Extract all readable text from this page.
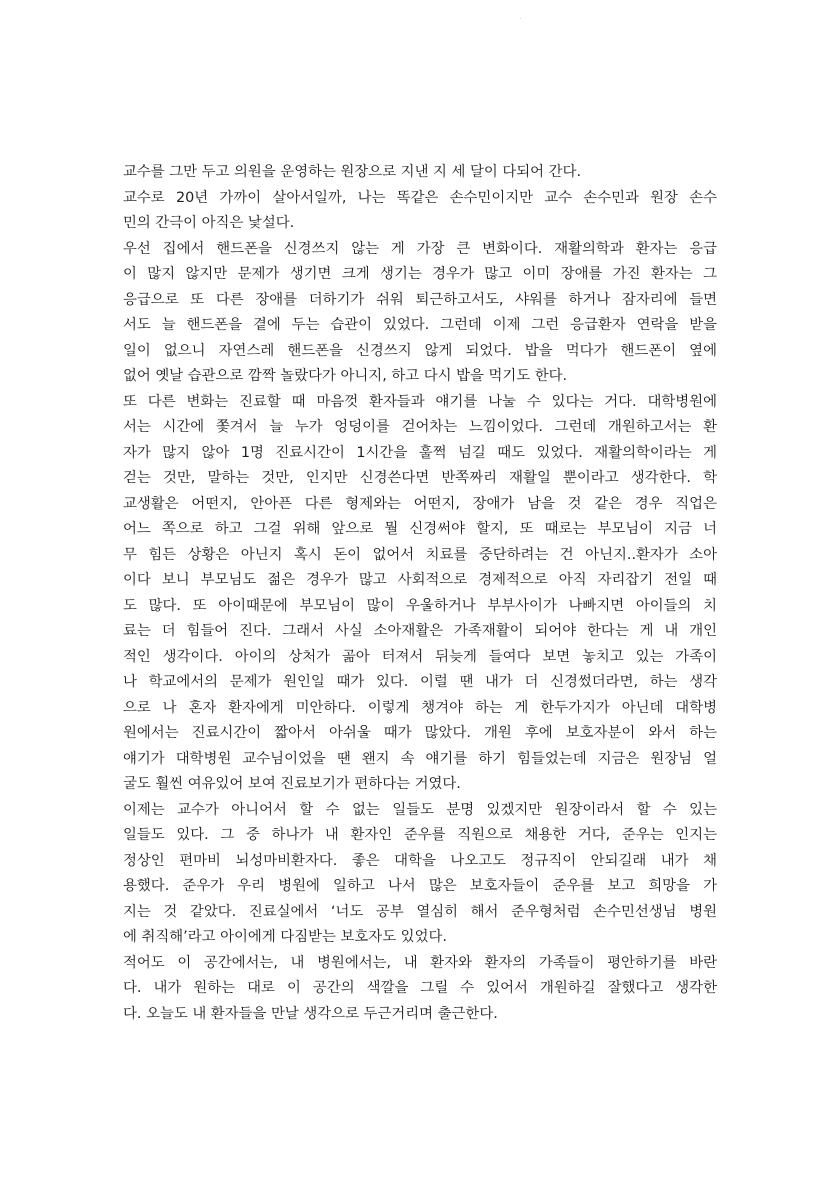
교수를 그만 두고 의원을 운영하는 원장으로 지낸 지 세 달이 다되어 간다.
교수로 20년 가까이 살아서일까, 나는 똑같은 손수민이지만 교수 손수민과 원장 손수
민의 간극이 아직은 낯설다.
우선 집에서 핸드폰을 신경쓰지 않는 게 가장 큰 변화이다. 재활의학과 환자는 응급
이 많지 않지만 문제가 생기면 크게 생기는 경우가 많고 이미 장애를 가진 환자는 그
응급으로 또 다른 장애를 더하기가 쉬워 퇴근하고서도, 샤워를 하거나 잠자리에 들면
서도 늘 핸드폰을 곁에 두는 습관이 있었다. 그런데 이제 그런 응급환자 연락을 받을
일이 없으니 자연스레 핸드폰을 신경쓰지 않게 되었다. 밥을 먹다가 핸드폰이 옆에
없어 옛날 습관으로 깜짝 놀랐다가 아니지, 하고 다시 밥을 먹기도 한다.
또 다른 변화는 진료할 때 마음껏 환자들과 얘기를 나눌 수 있다는 거다. 대학병원에
서는 시간에 쫓겨서 늘 누가 엉덩이를 걷어차는 느낌이었다. 그런데 개원하고서는 환
자가 많지 않아 1명 진료시간이 1시간을 훌쩍 넘길 때도 있었다. 재활의학이라는 게
걷는 것만, 말하는 것만, 인지만 신경쓴다면 반쪽짜리 재활일 뿐이라고 생각한다. 학
교생활은 어떤지, 안아픈 다른 형제와는 어떤지, 장애가 남을 것 같은 경우 직업은
어느 쪽으로 하고 그걸 위해 앞으로 뭘 신경써야 할지, 또 때로는 부모님이 지금 너
무 힘든 상황은 아닌지 혹시 돈이 없어서 치료를 중단하려는 건 아닌지..환자가 소아
이다 보니 부모님도 젊은 경우가 많고 사회적으로 경제적으로 아직 자리잡기 전일 때
도 많다. 또 아이때문에 부모님이 많이 우울하거나 부부사이가 나빠지면 아이들의 치
료는 더 힘들어 진다. 그래서 사실 소아재활은 가족재활이 되어야 한다는 게 내 개인
적인 생각이다. 아이의 상처가 곪아 터져서 뒤늦게 들여다 보면 놓치고 있는 가족이
나 학교에서의 문제가 원인일 때가 있다. 이럴 땐 내가 더 신경썼더라면, 하는 생각
으로 나 혼자 환자에게 미안하다. 이렇게 챙겨야 하는 게 한두가지가 아닌데 대학병
원에서는 진료시간이 짧아서 아쉬울 때가 많았다. 개원 후에 보호자분이 와서 하는
얘기가 대학병원 교수님이었을 땐 왠지 속 얘기를 하기 힘들었는데 지금은 원장님 얼
굴도 훨씬 여유있어 보여 진료보기가 편하다는 거였다.
이제는 교수가 아니어서 할 수 없는 일들도 분명 있겠지만 원장이라서 할 수 있는
일들도 있다. 그 중 하나가 내 환자인 준우를 직원으로 채용한 거다, 준우는 인지는
정상인 편마비 뇌성마비환자다. 좋은 대학을 나오고도 정규직이 안되길래 내가 채
용했다. 준우가 우리 병원에 일하고 나서 많은 보호자들이 준우를 보고 희망을 가
지는 것 같았다. 진료실에서 ‘너도 공부 열심히 해서 준우형처럼 손수민선생님 병원
에 취직해’라고 아이에게 다짐받는 보호자도 있었다.
적어도 이 공간에서는, 내 병원에서는, 내 환자와 환자의 가족들이 평안하기를 바란
다. 내가 원하는 대로 이 공간의 색깔을 그릴 수 있어서 개원하길 잘했다고 생각한
다. 오늘도 내 환자들을 만날 생각으로 두근거리며 출근한다.
